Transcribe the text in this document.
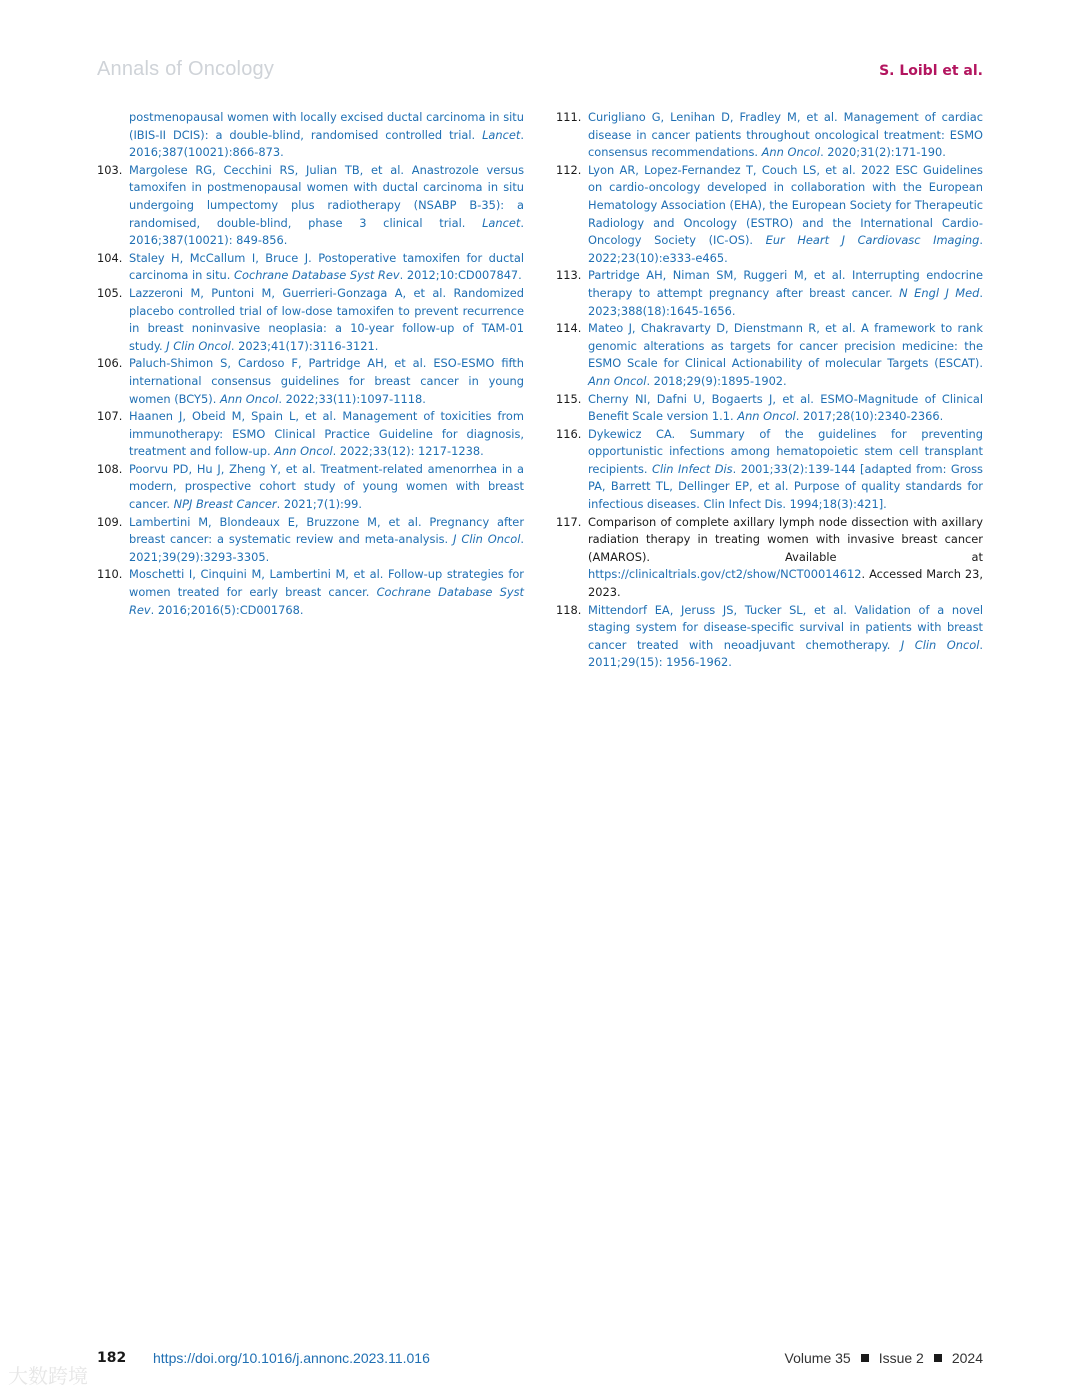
Annals of Oncology	S. Loibl et al.
postmenopausal women with locally excised ductal carcinoma in situ (IBIS-II DCIS): a double-blind, randomised controlled trial. Lancet. 2016;387(10021):866-873.
103. Margolese RG, Cecchini RS, Julian TB, et al. Anastrozole versus tamoxifen in postmenopausal women with ductal carcinoma in situ undergoing lumpectomy plus radiotherapy (NSABP B-35): a randomised, double-blind, phase 3 clinical trial. Lancet. 2016;387(10021): 849-856.
104. Staley H, McCallum I, Bruce J. Postoperative tamoxifen for ductal carcinoma in situ. Cochrane Database Syst Rev. 2012;10:CD007847.
105. Lazzeroni M, Puntoni M, Guerrieri-Gonzaga A, et al. Randomized placebo controlled trial of low-dose tamoxifen to prevent recurrence in breast noninvasive neoplasia: a 10-year follow-up of TAM-01 study. J Clin Oncol. 2023;41(17):3116-3121.
106. Paluch-Shimon S, Cardoso F, Partridge AH, et al. ESO-ESMO fifth international consensus guidelines for breast cancer in young women (BCY5). Ann Oncol. 2022;33(11):1097-1118.
107. Haanen J, Obeid M, Spain L, et al. Management of toxicities from immunotherapy: ESMO Clinical Practice Guideline for diagnosis, treatment and follow-up. Ann Oncol. 2022;33(12): 1217-1238.
108. Poorvu PD, Hu J, Zheng Y, et al. Treatment-related amenorrhea in a modern, prospective cohort study of young women with breast cancer. NPJ Breast Cancer. 2021;7(1):99.
109. Lambertini M, Blondeaux E, Bruzzone M, et al. Pregnancy after breast cancer: a systematic review and meta-analysis. J Clin Oncol. 2021;39(29):3293-3305.
110. Moschetti I, Cinquini M, Lambertini M, et al. Follow-up strategies for women treated for early breast cancer. Cochrane Database Syst Rev. 2016;2016(5):CD001768.
111. Curigliano G, Lenihan D, Fradley M, et al. Management of cardiac disease in cancer patients throughout oncological treatment: ESMO consensus recommendations. Ann Oncol. 2020;31(2):171-190.
112. Lyon AR, Lopez-Fernandez T, Couch LS, et al. 2022 ESC Guidelines on cardio-oncology developed in collaboration with the European Hematology Association (EHA), the European Society for Therapeutic Radiology and Oncology (ESTRO) and the International Cardio-Oncology Society (IC-OS). Eur Heart J Cardiovasc Imaging. 2022;23(10):e333-e465.
113. Partridge AH, Niman SM, Ruggeri M, et al. Interrupting endocrine therapy to attempt pregnancy after breast cancer. N Engl J Med. 2023;388(18):1645-1656.
114. Mateo J, Chakravarty D, Dienstmann R, et al. A framework to rank genomic alterations as targets for cancer precision medicine: the ESMO Scale for Clinical Actionability of molecular Targets (ESCAT). Ann Oncol. 2018;29(9):1895-1902.
115. Cherny NI, Dafni U, Bogaerts J, et al. ESMO-Magnitude of Clinical Benefit Scale version 1.1. Ann Oncol. 2017;28(10):2340-2366.
116. Dykewicz CA. Summary of the guidelines for preventing opportunistic infections among hematopoietic stem cell transplant recipients. Clin Infect Dis. 2001;33(2):139-144 [adapted from: Gross PA, Barrett TL, Dellinger EP, et al. Purpose of quality standards for infectious diseases. Clin Infect Dis. 1994;18(3):421].
117. Comparison of complete axillary lymph node dissection with axillary radiation therapy in treating women with invasive breast cancer (AMAROS). Available at https://clinicaltrials.gov/ct2/show/NCT00014612. Accessed March 23, 2023.
118. Mittendorf EA, Jeruss JS, Tucker SL, et al. Validation of a novel staging system for disease-specific survival in patients with breast cancer treated with neoadjuvant chemotherapy. J Clin Oncol. 2011;29(15): 1956-1962.
182 https://doi.org/10.1016/j.annonc.2023.11.016	Volume 35 Issue 2 2024
大数跨境
